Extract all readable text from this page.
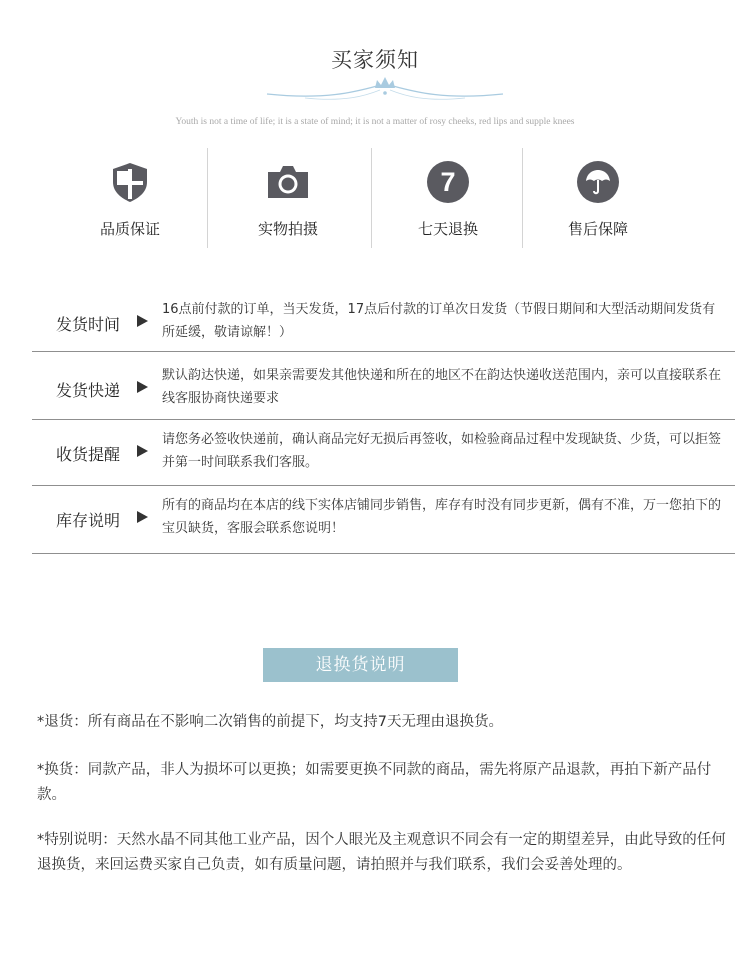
买家须知
Youth is not a time of life; it is a state of mind; it is not a matter of rosy cheeks, red lips and supple knees
品质保证	实物拍摄
7
七天退换	售后保障
发货时间
16点前付款的订单，当天发货，17点后付款的订单次日发货（节假日期间和大型活动期间发货有所延缓，敬请谅解！）
发货快递
默认韵达快递，如果亲需要发其他快递和所在的地区不在韵达快递收送范围内，亲可以直接联系在线客服协商快递要求
收货提醒
请您务必签收快递前，确认商品完好无损后再签收，如检验商品过程中发现缺货、少货，可以拒签并第一时间联系我们客服。
库存说明
所有的商品均在本店的线下实体店铺同步销售，库存有时没有同步更新，偶有不准，万一您拍下的宝贝缺货，客服会联系您说明！
退换货说明
*退货：所有商品在不影响二次销售的前提下，均支持7天无理由退换货。
*换货：同款产品，非人为损坏可以更换；如需要更换不同款的商品，需先将原产品退款，再拍下新产品付款。
*特别说明：天然水晶不同其他工业产品，因个人眼光及主观意识不同会有一定的期望差异，由此导致的任何退换货，来回运费买家自己负责，如有质量问题，请拍照并与我们联系，我们会妥善处理的。
